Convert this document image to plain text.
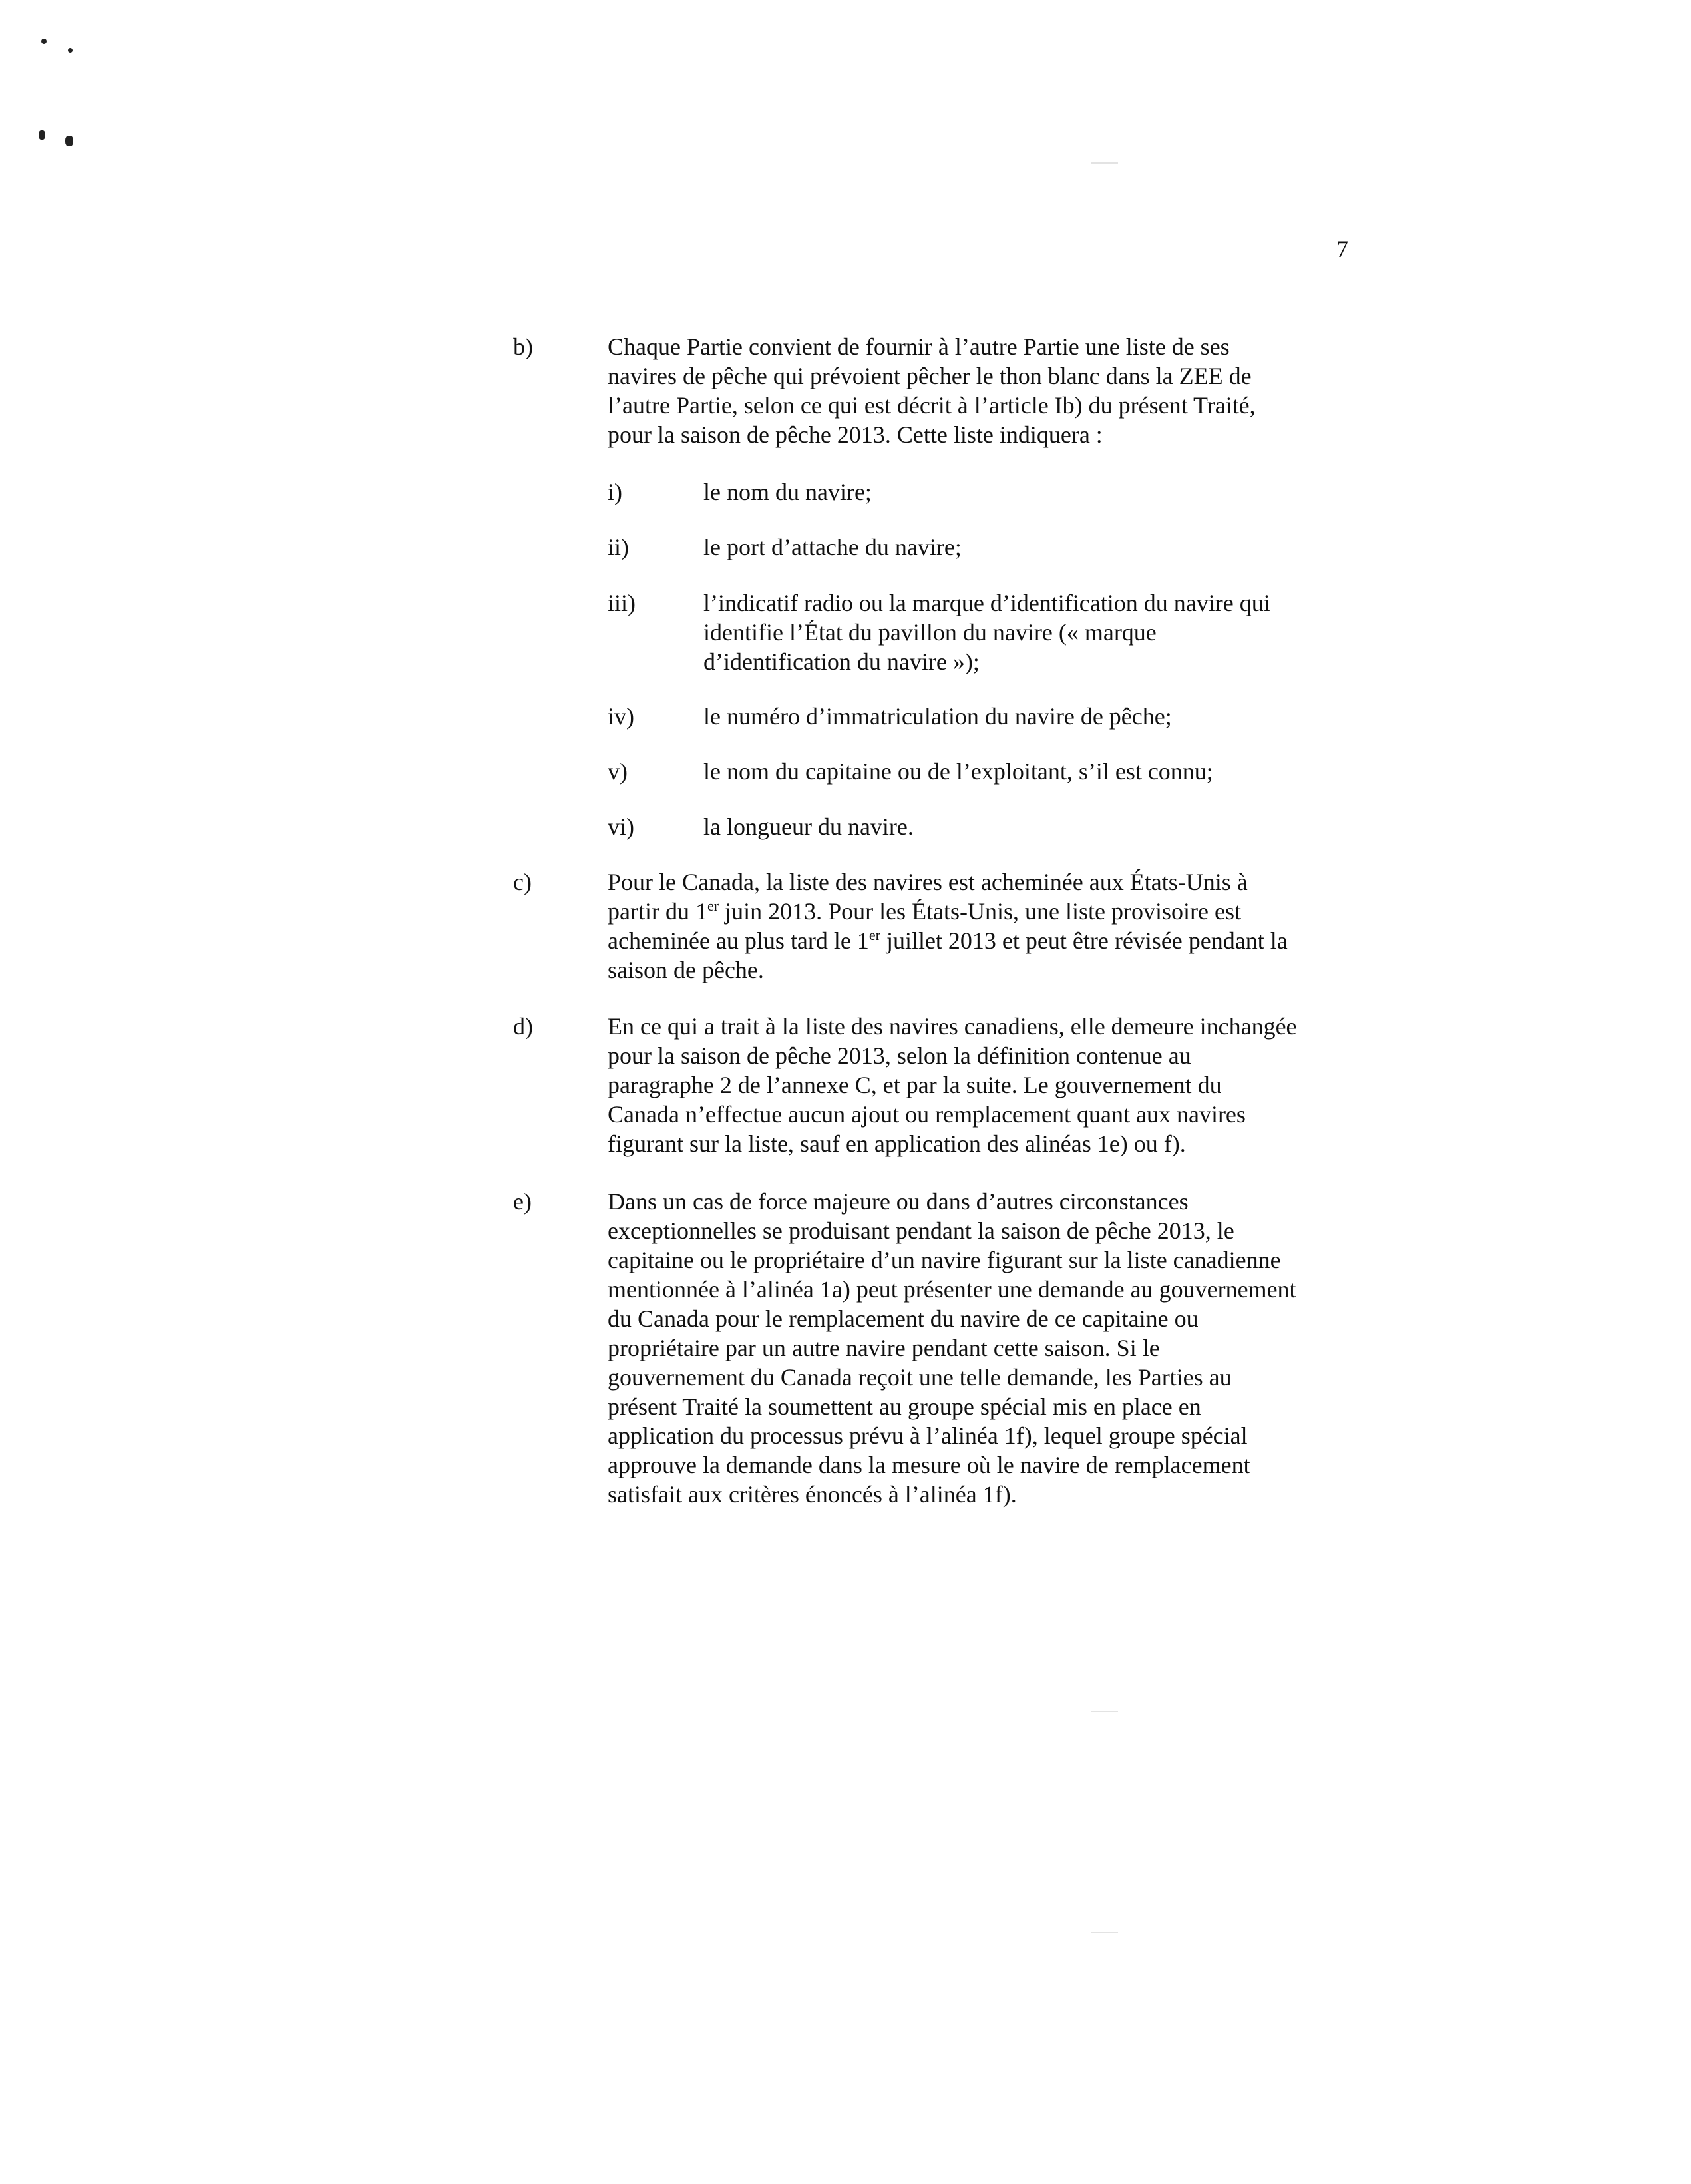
7
b)	Chaque Partie convient de fournir à l’autre Partie une liste de ses
navires de pêche qui prévoient pêcher le thon blanc dans la ZEE de
l’autre Partie, selon ce qui est décrit à l’article Ib) du présent Traité,
pour la saison de pêche 2013. Cette liste indiquera :
i)	le nom du navire;
ii)	le port d’attache du navire;
iii)	l’indicatif radio ou la marque d’identification du navire qui
identifie l’État du pavillon du navire (« marque
d’identification du navire »);
iv)	le numéro d’immatriculation du navire de pêche;
v)	le nom du capitaine ou de l’exploitant, s’il est connu;
vi)	la longueur du navire.
c)	Pour le Canada, la liste des navires est acheminée aux États-Unis à
partir du 1er juin 2013. Pour les États-Unis, une liste provisoire est
acheminée au plus tard le 1er juillet 2013 et peut être révisée pendant la
saison de pêche.
d)	En ce qui a trait à la liste des navires canadiens, elle demeure inchangée
pour la saison de pêche 2013, selon la définition contenue au
paragraphe 2 de l’annexe C, et par la suite. Le gouvernement du
Canada n’effectue aucun ajout ou remplacement quant aux navires
figurant sur la liste, sauf en application des alinéas 1e) ou f).
e)	Dans un cas de force majeure ou dans d’autres circonstances
exceptionnelles se produisant pendant la saison de pêche 2013, le
capitaine ou le propriétaire d’un navire figurant sur la liste canadienne
mentionnée à l’alinéa 1a) peut présenter une demande au gouvernement
du Canada pour le remplacement du navire de ce capitaine ou
propriétaire par un autre navire pendant cette saison. Si le
gouvernement du Canada reçoit une telle demande, les Parties au
présent Traité la soumettent au groupe spécial mis en place en
application du processus prévu à l’alinéa 1f), lequel groupe spécial
approuve la demande dans la mesure où le navire de remplacement
satisfait aux critères énoncés à l’alinéa 1f).
